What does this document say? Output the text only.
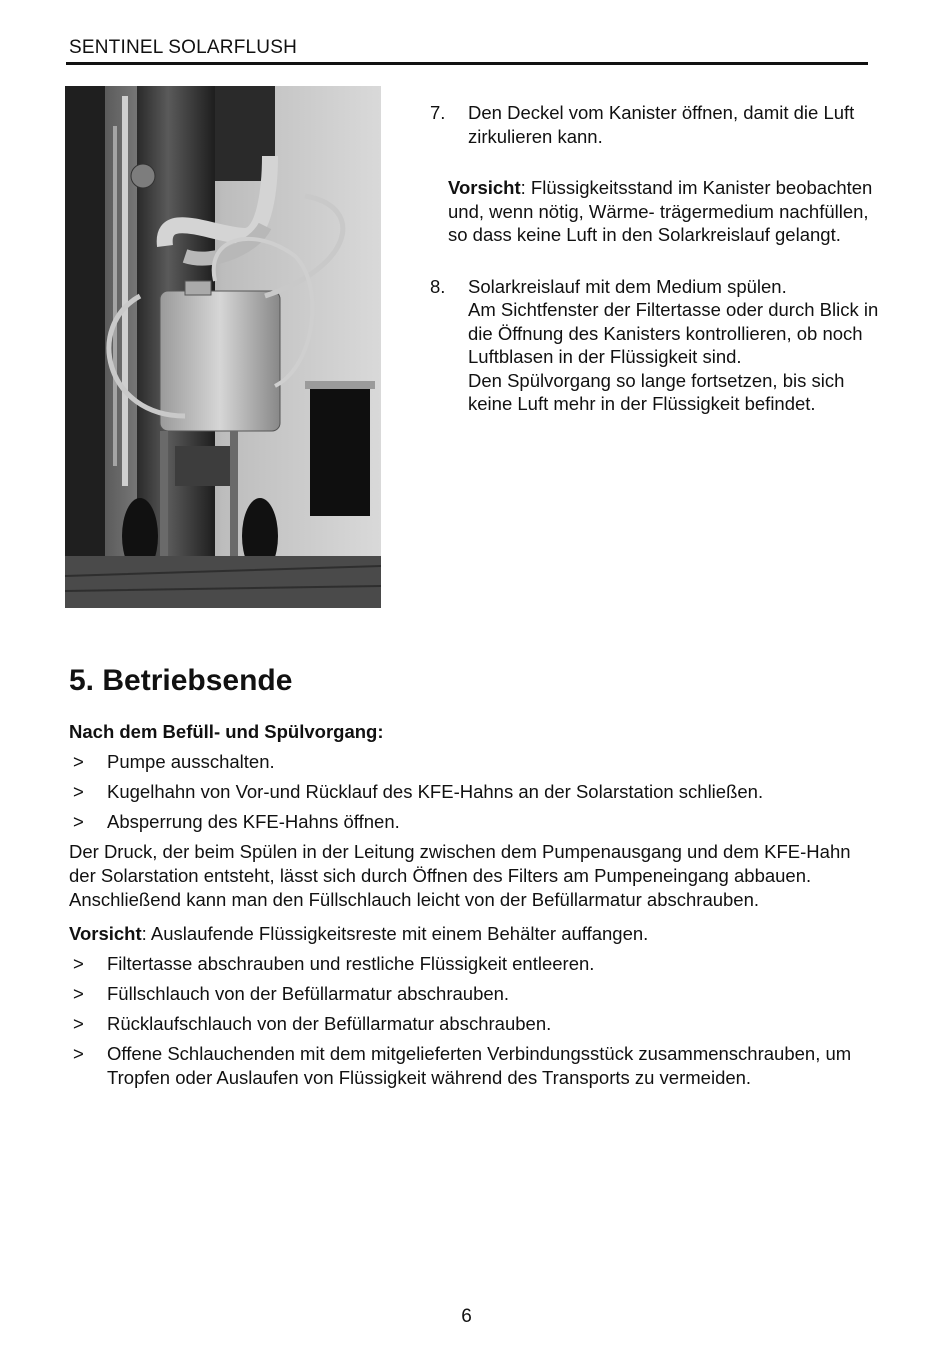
SENTINEL SOLARFLUSH
7. Den Deckel vom Kanister öffnen, damit die Luft zirkulieren kann.

Vorsicht: Flüssigkeitsstand im Kanister beobachten und, wenn nötig, Wärme- trägermedium nachfüllen, so dass keine Luft in den Solarkreislauf gelangt.
8. Solarkreislauf mit dem Medium spülen.

Am Sichtfenster der Filtertasse oder durch Blick in die Öffnung des Kanisters kontrollieren, ob noch Luftblasen in der Flüssigkeit sind.

Den Spülvorgang so lange fortsetzen, bis sich keine Luft mehr in der Flüssigkeit befindet.

5. Betriebsende

Nach dem Befüll- und Spülvorgang:

> Pumpe ausschalten.
> Kugelhahn von Vor-und Rücklauf des KFE-Hahns an der Solarstation schließen.
> Absperrung des KFE-Hahns öffnen.

Der Druck, der beim Spülen in der Leitung zwischen dem Pumpenausgang und dem KFE-Hahn der Solarstation entsteht, lässt sich durch Öffnen des Filters am Pumpeneingang abbauen. Anschließend kann man den Füllschlauch leicht von der Befüllarmatur abschrauben.

Vorsicht: Auslaufende Flüssigkeitsreste mit einem Behälter auffangen.

> Filtertasse abschrauben und restliche Flüssigkeit entleeren.
> Füllschlauch von der Befüllarmatur abschrauben.
> Rücklaufschlauch von der Befüllarmatur abschrauben.
> Offene Schlauchenden mit dem mitgelieferten Verbindungsstück zusammenschrauben, um Tropfen oder Auslaufen von Flüssigkeit während des Transports zu vermeiden.
6
